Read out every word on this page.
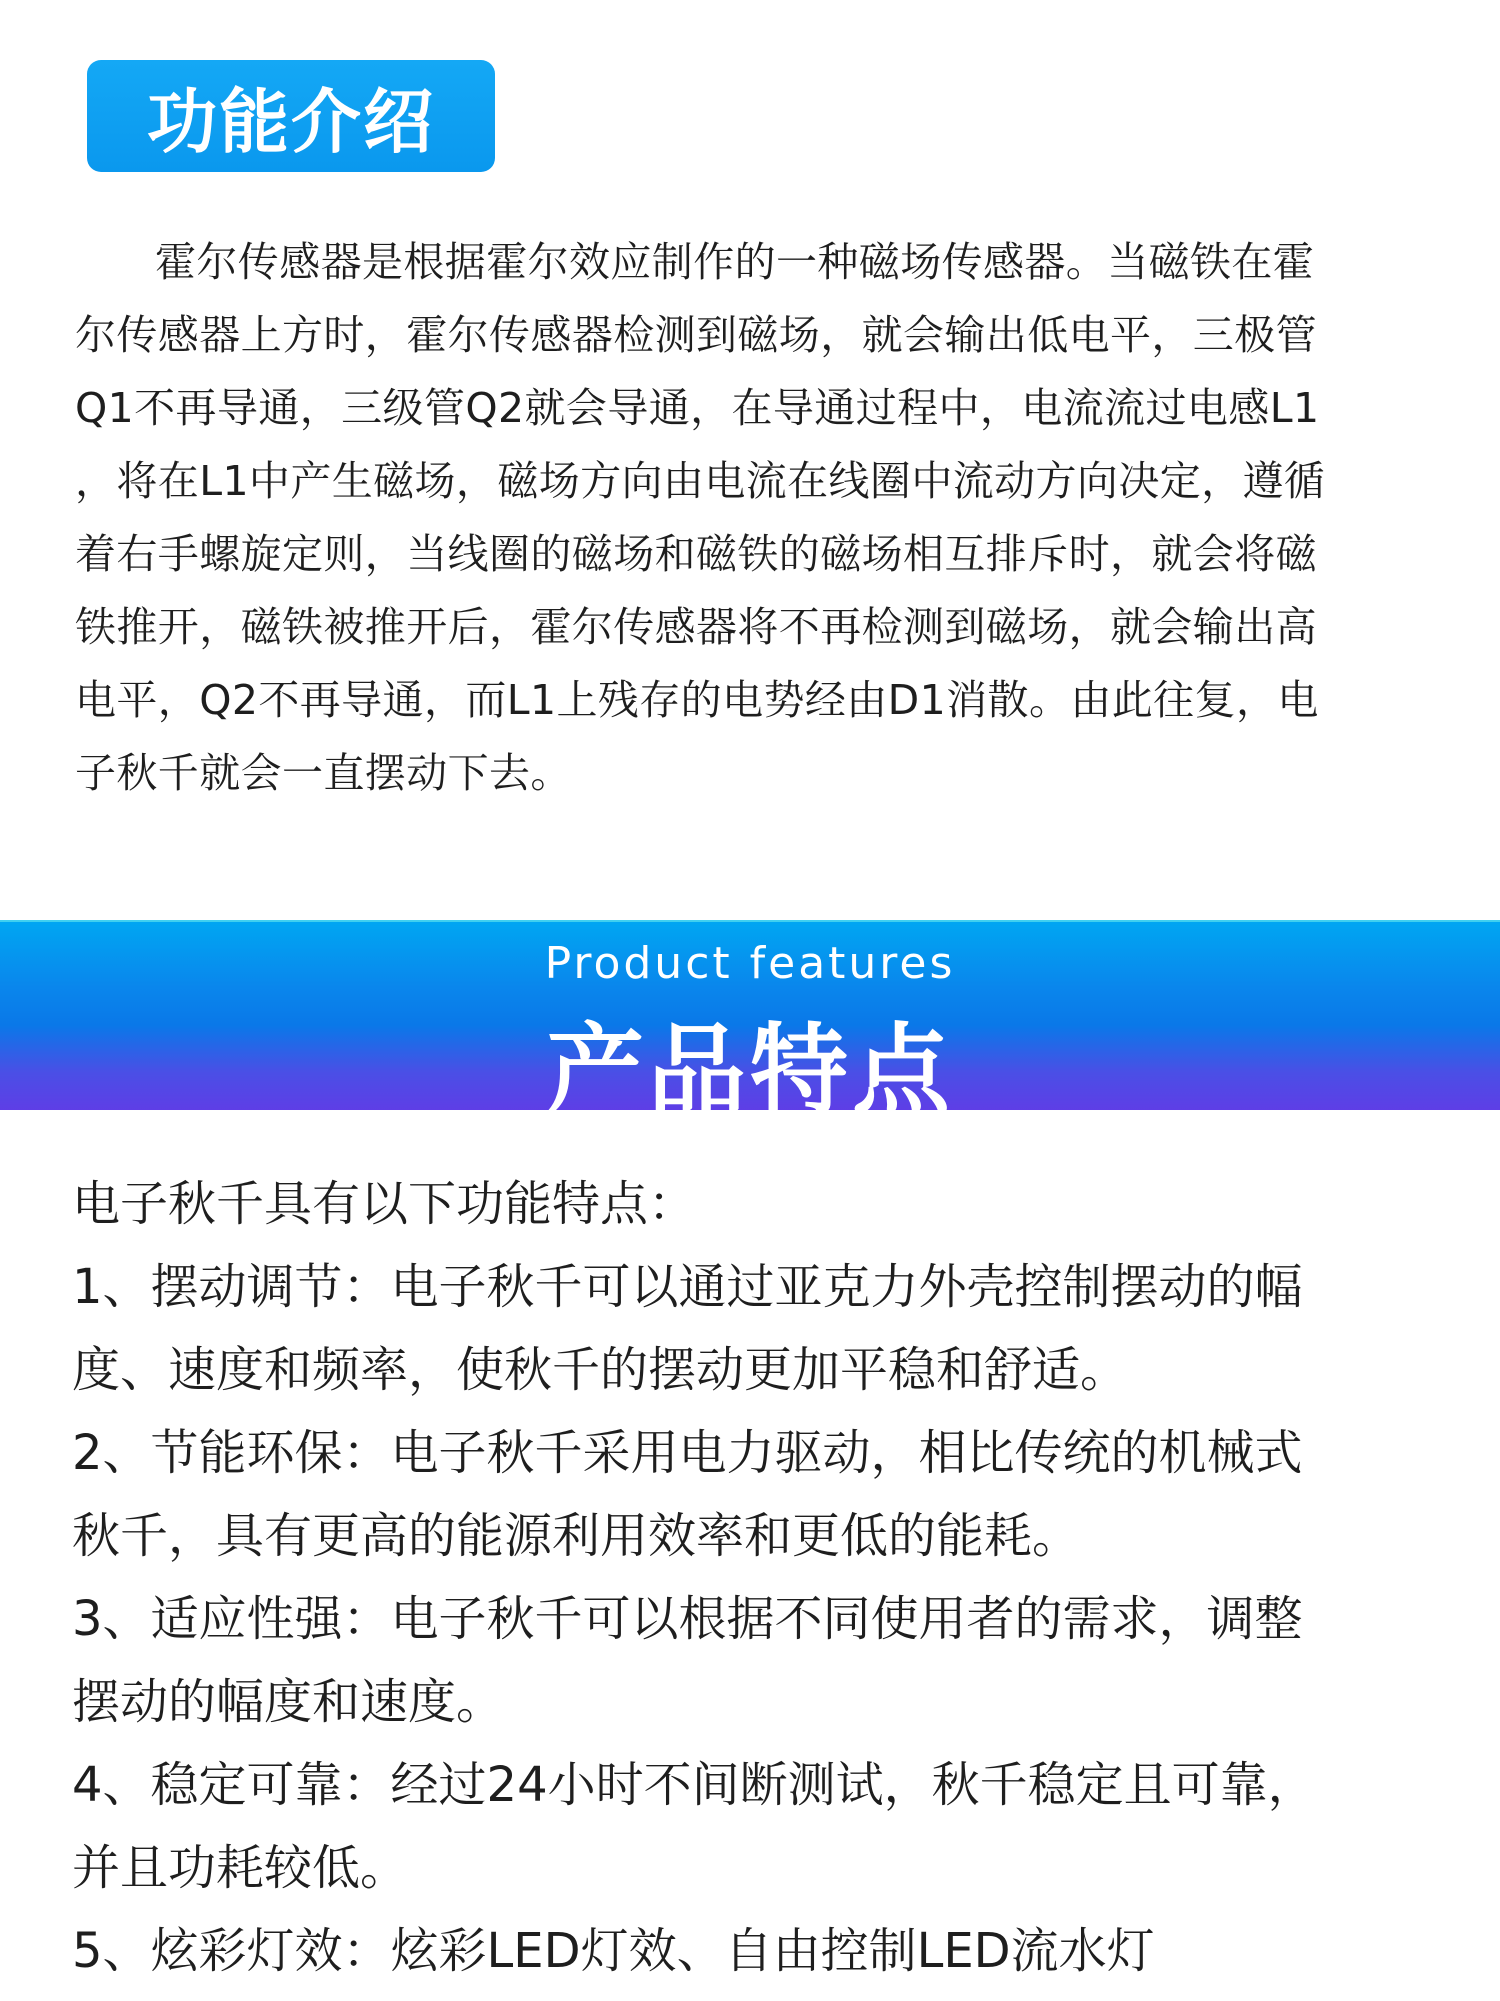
功能介绍
霍尔传感器是根据霍尔效应制作的一种磁场传感器。当磁铁在霍
尔传感器上方时，霍尔传感器检测到磁场，就会输出低电平，三极管
Q1不再导通，三级管Q2就会导通，在导通过程中，电流流过电感L1
，将在L1中产生磁场，磁场方向由电流在线圈中流动方向决定，遵循
着右手螺旋定则，当线圈的磁场和磁铁的磁场相互排斥时，就会将磁
铁推开，磁铁被推开后，霍尔传感器将不再检测到磁场，就会输出高
电平，Q2不再导通，而L1上残存的电势经由D1消散。由此往复，电
子秋千就会一直摆动下去。
Product features
产品特点
电子秋千具有以下功能特点：
1、摆动调节：电子秋千可以通过亚克力外壳控制摆动的幅
度、速度和频率，使秋千的摆动更加平稳和舒适。
2、节能环保：电子秋千采用电力驱动，相比传统的机械式
秋千，具有更高的能源利用效率和更低的能耗。
3、适应性强：电子秋千可以根据不同使用者的需求，调整
摆动的幅度和速度。
4、稳定可靠：经过24小时不间断测试，秋千稳定且可靠，
并且功耗较低。
5、炫彩灯效：炫彩LED灯效、自由控制LED流水灯
